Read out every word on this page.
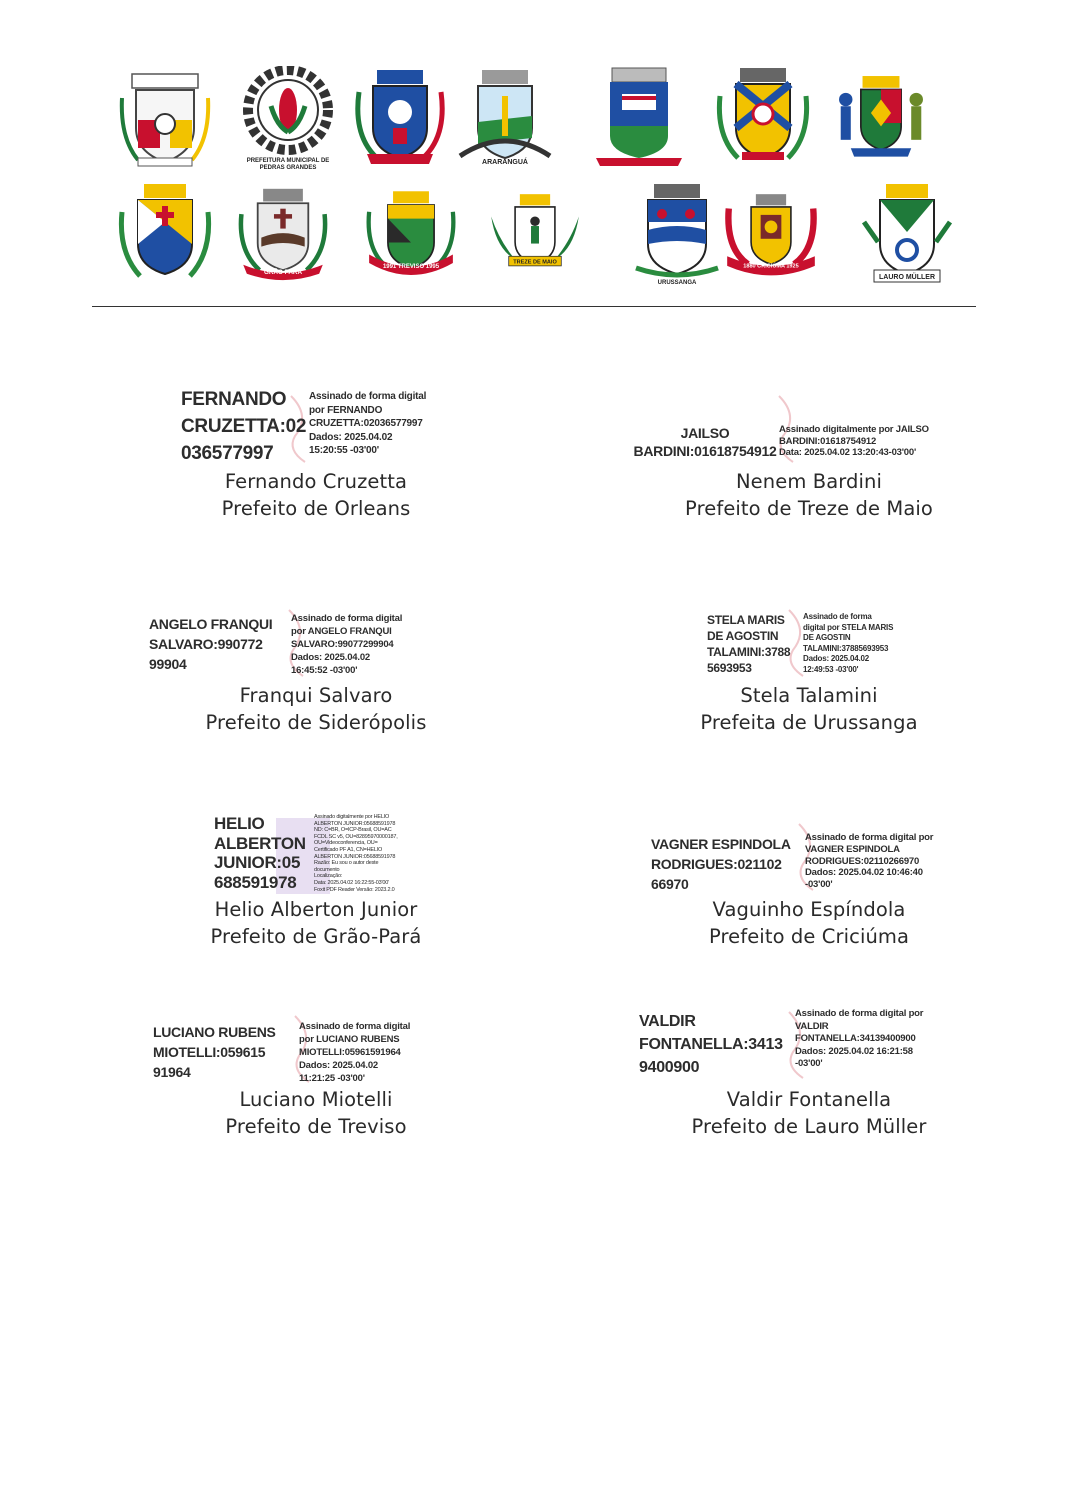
PREFEITURA MUNICIPAL DE
PEDRAS GRANDES
ARARANGUÁ
GRÃO PARÁ
1991 TREVISO 1995
TREZE DE MAIO
URUSSANGA
1880 CRICIÚMA 1925
LAURO MÜLLER
FERNANDO
CRUZETTA:02
036577997
Assinado de forma digital
por FERNANDO
CRUZETTA:02036577997
Dados: 2025.04.02
15:20:55 -03'00'
Fernando Cruzetta
Prefeito de Orleans
JAILSO
BARDINI:01618754912
Assinado digitalmente por JAILSO
BARDINI:01618754912
Data: 2025.04.02 13:20:43-03'00'
Nenem Bardini
Prefeito de Treze de Maio
ANGELO FRANQUI
SALVARO:990772
99904
Assinado de forma digital
por ANGELO FRANQUI
SALVARO:99077299904
Dados: 2025.04.02
16:45:52 -03'00'
Franqui Salvaro
Prefeito de Siderópolis
STELA MARIS
DE AGOSTIN
TALAMINI:3788
5693953
Assinado de forma
digital por STELA MARIS
DE AGOSTIN
TALAMINI:37885693953
Dados: 2025.04.02
12:49:53 -03'00'
Stela Talamini
Prefeita de Urussanga
HELIO
ALBERTON
JUNIOR:05
688591978
Assinado digitalmente por HELIO
ALBERTON JUNIOR:05688591978
ND: C=BR, O=ICP-Brasil, OU=AC
FCDL SC v5, OU=82895970000187,
OU=Videoconferencia, OU=
Certificado PF A1, CN=HELIO
ALBERTON JUNIOR:05688591978
Razão: Eu sou o autor deste
documento
Localização:
Data: 2025.04.02 16:22:55-03'00'
Foxit PDF Reader Versão: 2023.2.0
Helio Alberton Junior
Prefeito de Grão-Pará
VAGNER ESPINDOLA
RODRIGUES:021102
66970
Assinado de forma digital por
VAGNER ESPINDOLA
RODRIGUES:02110266970
Dados: 2025.04.02 10:46:40
-03'00'
Vaguinho Espíndola
Prefeito de Criciúma
LUCIANO RUBENS
MIOTELLI:059615
91964
Assinado de forma digital
por LUCIANO RUBENS
MIOTELLI:05961591964
Dados: 2025.04.02
11:21:25 -03'00'
Luciano Miotelli
Prefeito de Treviso
VALDIR
FONTANELLA:3413
9400900
Assinado de forma digital por
VALDIR
FONTANELLA:34139400900
Dados: 2025.04.02 16:21:58
-03'00'
Valdir Fontanella
Prefeito de Lauro Müller
